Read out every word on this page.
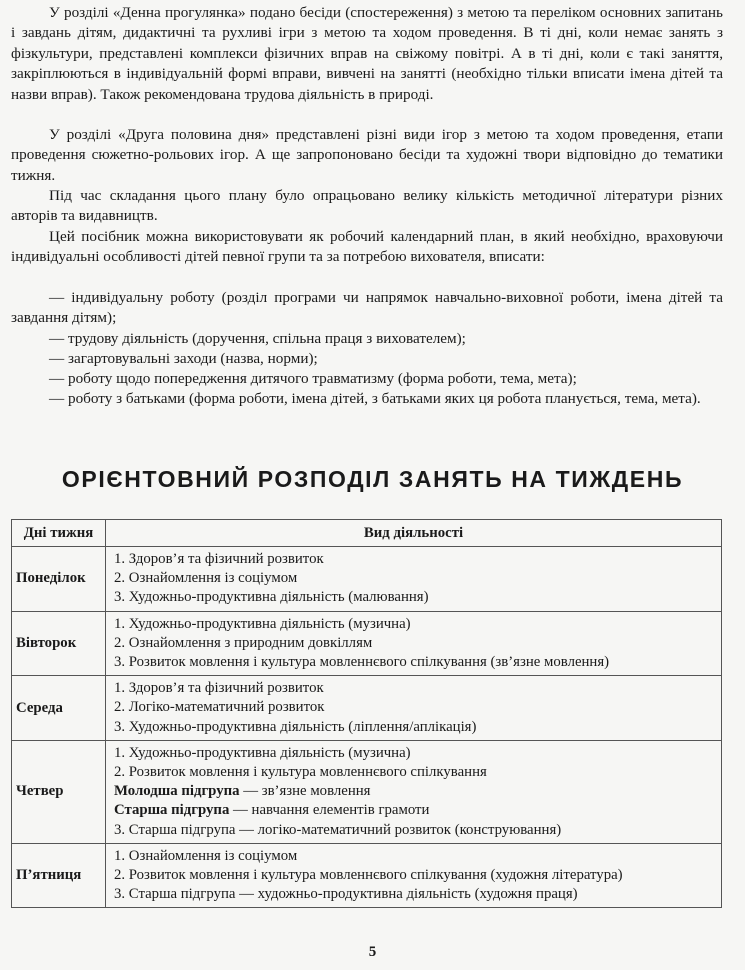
У розділі «Денна прогулянка» подано бесіди (спостереження) з метою та переліком основних запитань і завдань дітям, дидактичні та рухливі ігри з метою та ходом проведення. В ті дні, коли немає занять з фізкультури, представлені комплекси фізичних вправ на свіжому повітрі. А в ті дні, коли є такі заняття, закріплюються в індивідуальній формі вправи, вивчені на занятті (необхідно тільки вписати імена дітей та назви вправ). Також рекомендована трудова діяльність в природі.

У розділі «Друга половина дня» представлені різні види ігор з метою та ходом проведення, етапи проведення сюжетно-рольових ігор. А ще запропоновано бесіди та художні твори відповідно до тематики тижня.

Під час складання цього плану було опрацьовано велику кількість методичної літератури різних авторів та видавництв.

Цей посібник можна використовувати як робочий календарний план, в який необхідно, враховуючи індивідуальні особливості дітей певної групи та за потребою вихователя, вписати:

— індивідуальну роботу (розділ програми чи напрямок навчально-виховної роботи, імена дітей та завдання дітям);

— трудову діяльність (доручення, спільна праця з вихователем);

— загартовувальні заходи (назва, норми);

— роботу щодо попередження дитячого травматизму (форма роботи, тема, мета);

— роботу з батьками (форма роботи, імена дітей, з батьками яких ця робота планується, тема, мета).

ОРІЄНТОВНИЙ РОЗПОДІЛ ЗАНЯТЬ НА ТИЖДЕНЬ
Дні тижня	Вид діяльності
Понеділок	1. Здоров’я та фізичний розвиток
2. Ознайомлення із соціумом
3. Художньо-продуктивна діяльність (малювання)

Вівторок	1. Художньо-продуктивна діяльність (музична)
2. Ознайомлення з природним довкіллям
3. Розвиток мовлення і культура мовленнєвого спілкування (зв’язне мовлення)

Середа	1. Здоров’я та фізичний розвиток
2. Логіко-математичний розвиток
3. Художньо-продуктивна діяльність (ліплення/аплікація)

Четвер	1. Художньо-продуктивна діяльність (музична)
2. Розвиток мовлення і культура мовленнєвого спілкування
Молодша підгрупа — зв’язне мовлення
Старша підгрупа — навчання елементів грамоти
3. Старша підгрупа — логіко-математичний розвиток (конструювання)

П’ятниця	1. Ознайомлення із соціумом
2. Розвиток мовлення і культура мовленнєвого спілкування (художня література)
3. Старша підгрупа — художньо-продуктивна діяльність (художня праця)
5
